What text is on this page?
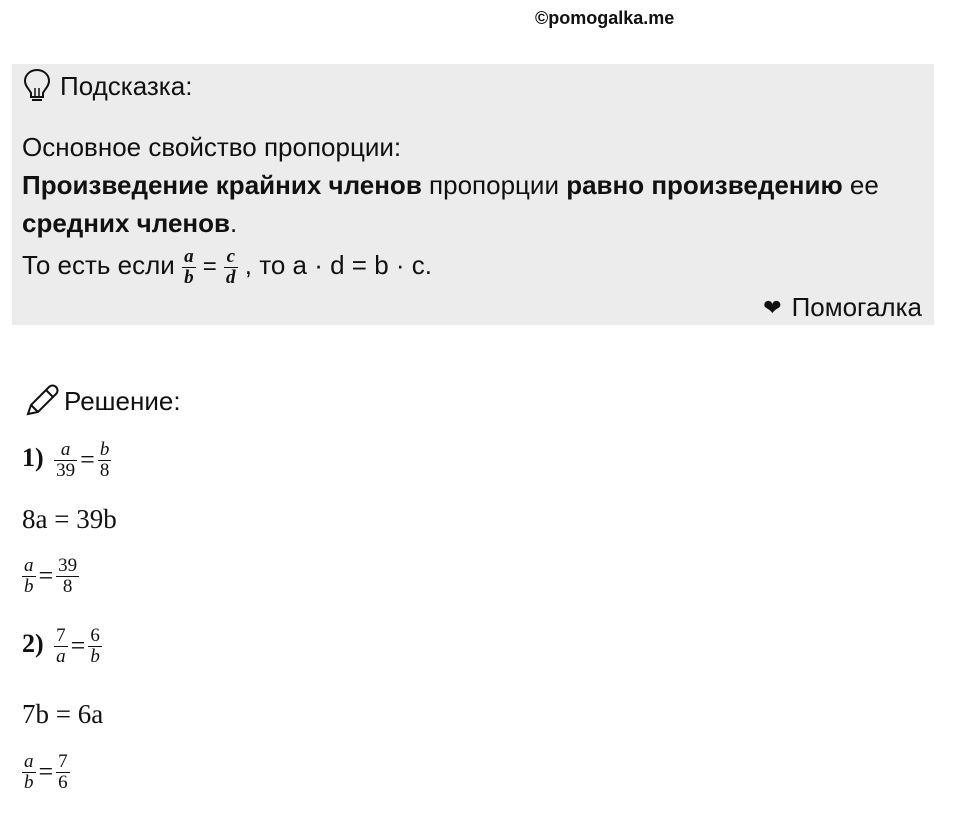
©pomogalka.me
Подсказка:
Основное свойство пропорции:
Произведение крайних членов пропорции равно произведению ее
средних членов.
То есть если $\frac{a}{b} = \frac{c}{d}$ , то a · d = b · c.
❤ Помогалка
Решение:
$1) \frac{a}{39} = \frac{b}{8}$
8a = 39b
$\frac{a}{b} = \frac{39}{8}$
$2) \frac{7}{a} = \frac{6}{b}$
7b = 6a
$\frac{a}{b} = \frac{7}{6}$
